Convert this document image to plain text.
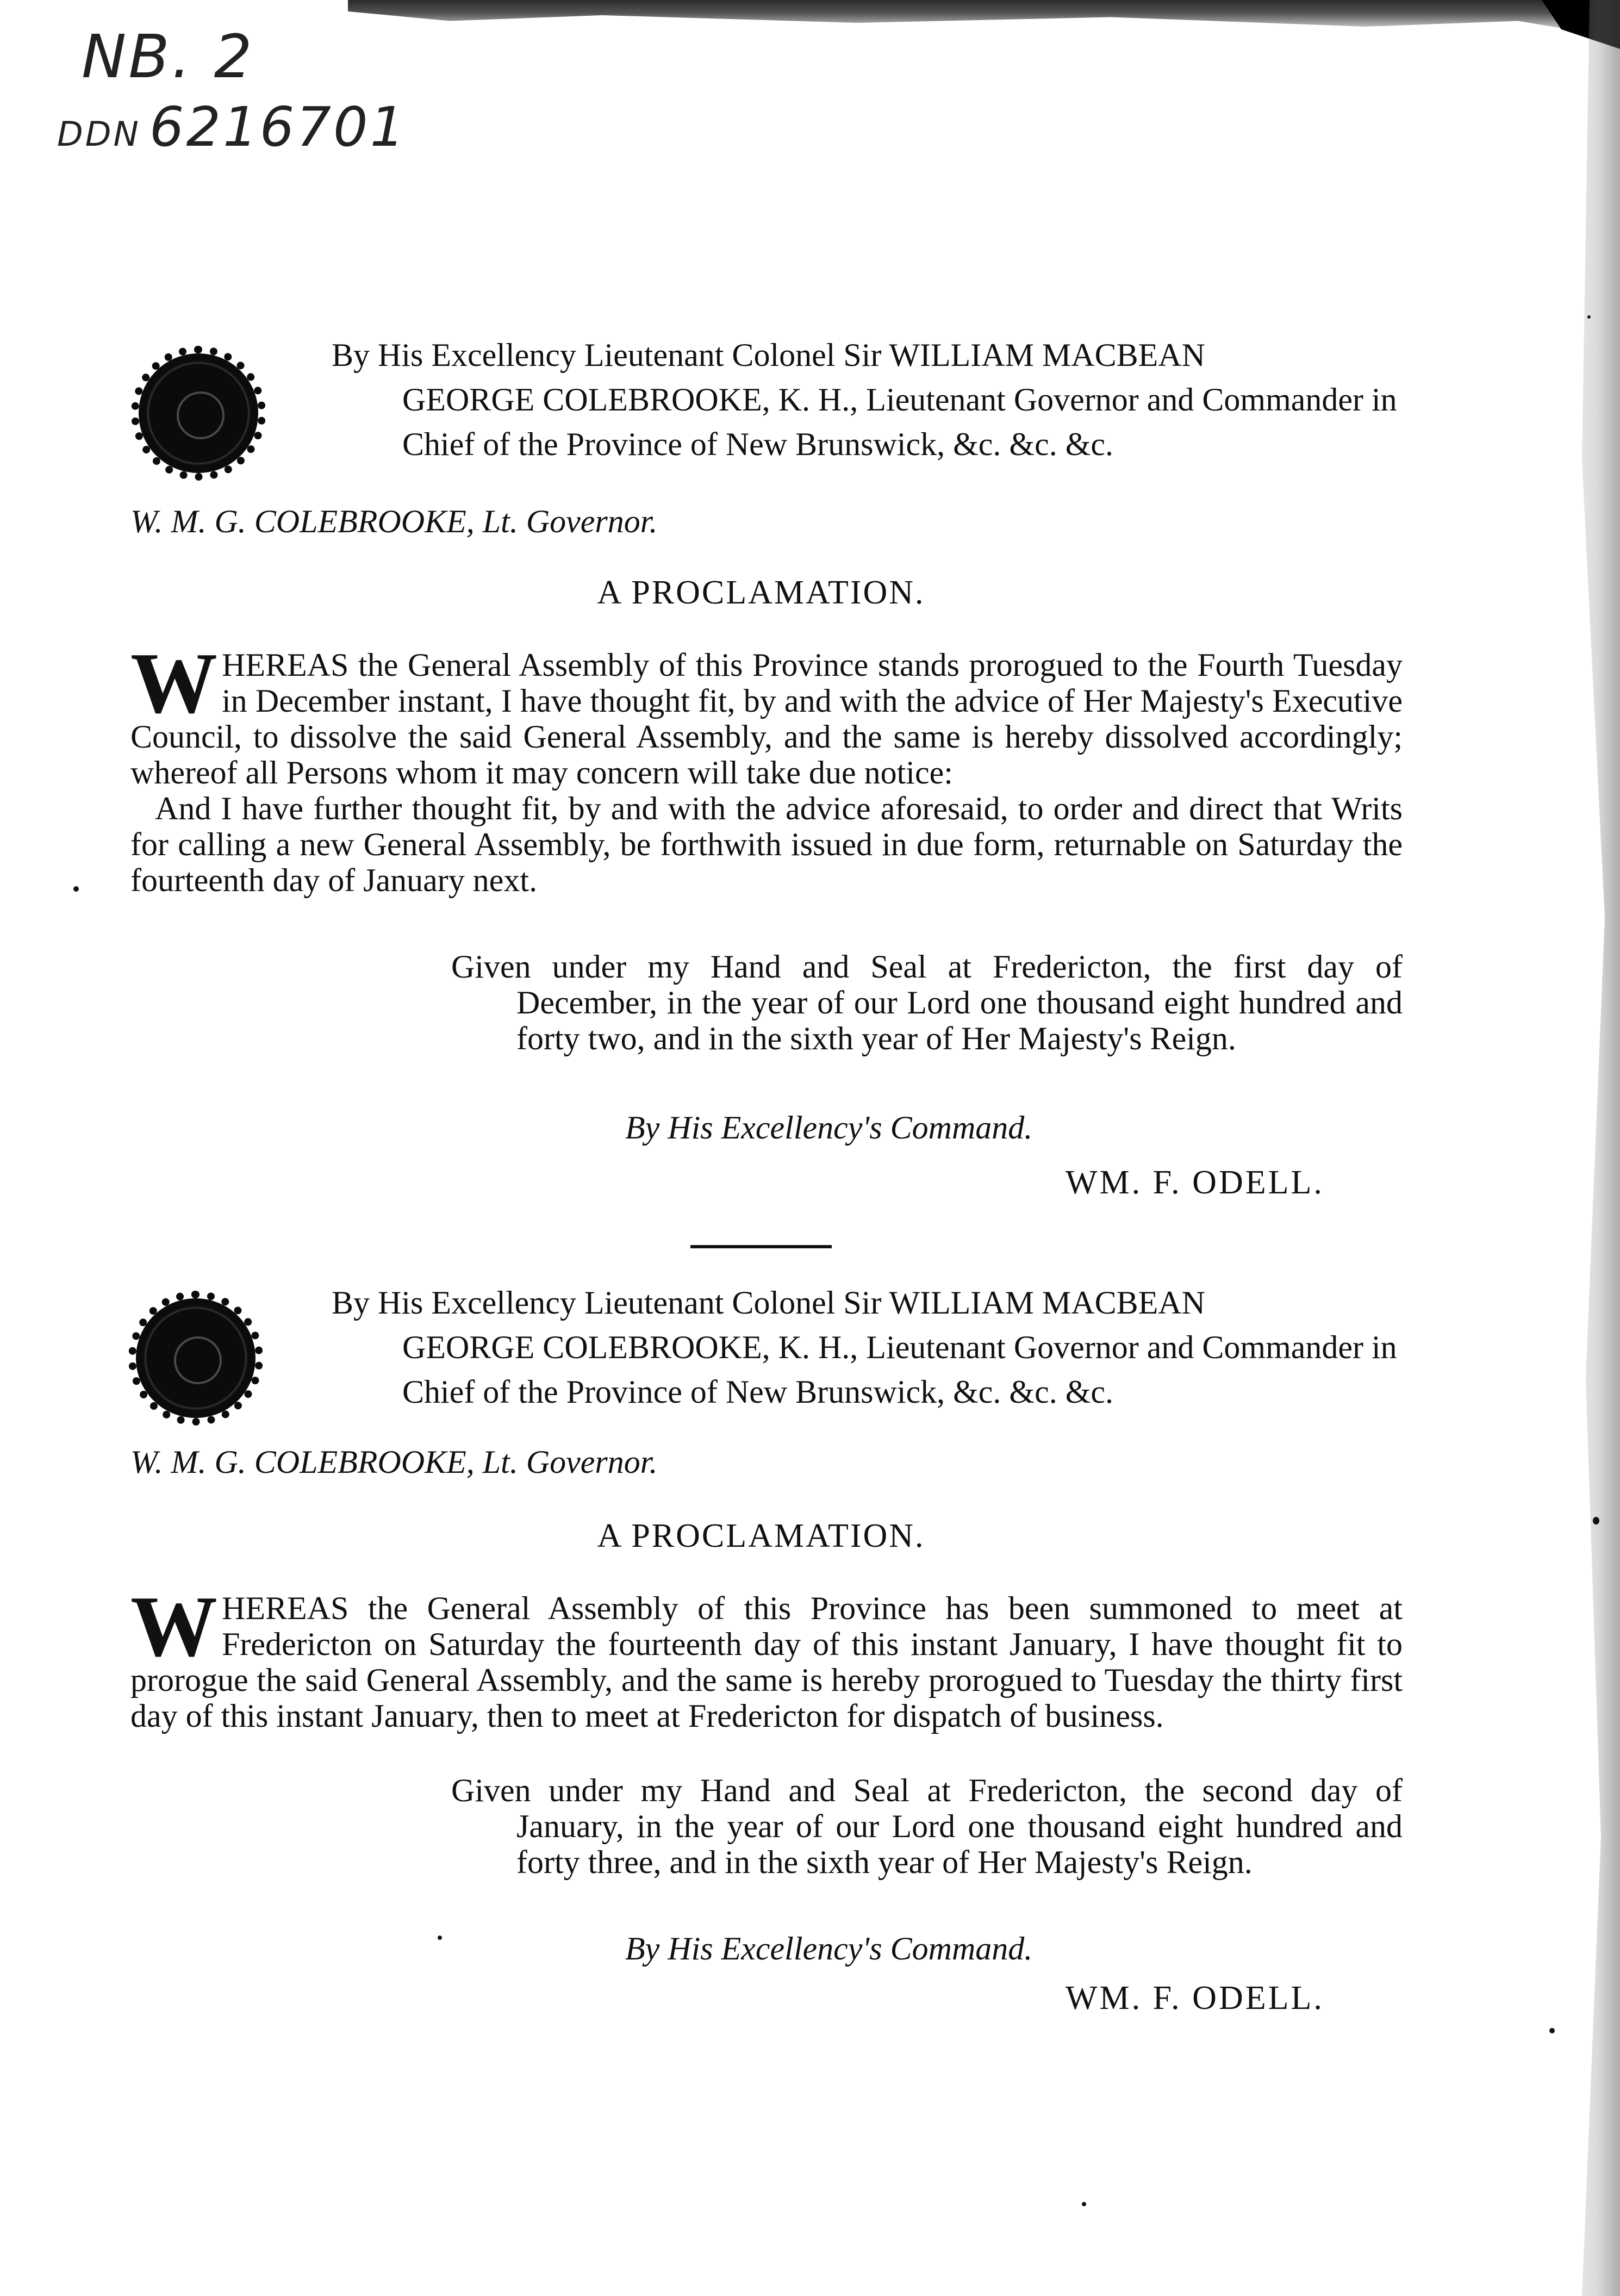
NB. 2
DDN 6216701
By His Excellency Lieutenant Colonel Sir WILLIAM MACBEAN
GEORGE COLEBROOKE, K. H., Lieutenant Governor and Commander in Chief of the Province of New Brunswick, &c. &c. &c.
W. M. G. COLEBROOKE, Lt. Governor.
A PROCLAMATION.
W HEREAS the General Assembly of this Province stands prorogued to the Fourth Tuesday in December instant, I have thought fit, by and with the advice of Her Majesty's Executive Council, to dissolve the said General Assembly, and the same is hereby dissolved accordingly; whereof all Persons whom it may concern will take due notice:
And I have further thought fit, by and with the advice aforesaid, to order and direct that Writs for calling a new General Assembly, be forthwith issued in due form, returnable on Saturday the fourteenth day of January next.
Given under my Hand and Seal at Fredericton, the first day of December, in the year of our Lord one thousand eight hundred and forty two, and in the sixth year of Her Majesty's Reign.
By His Excellency's Command.
WM. F. ODELL.
By His Excellency Lieutenant Colonel Sir WILLIAM MACBEAN
GEORGE COLEBROOKE, K. H., Lieutenant Governor and Commander in Chief of the Province of New Brunswick, &c. &c. &c.
W. M. G. COLEBROOKE, Lt. Governor.
A PROCLAMATION.
W HEREAS the General Assembly of this Province has been summoned to meet at Fredericton on Saturday the fourteenth day of this instant January, I have thought fit to prorogue the said General Assembly, and the same is hereby prorogued to Tuesday the thirty first day of this instant January, then to meet at Fredericton for dispatch of business.
Given under my Hand and Seal at Fredericton, the second day of January, in the year of our Lord one thousand eight hundred and forty three, and in the sixth year of Her Majesty's Reign.
By His Excellency's Command.
WM. F. ODELL.
